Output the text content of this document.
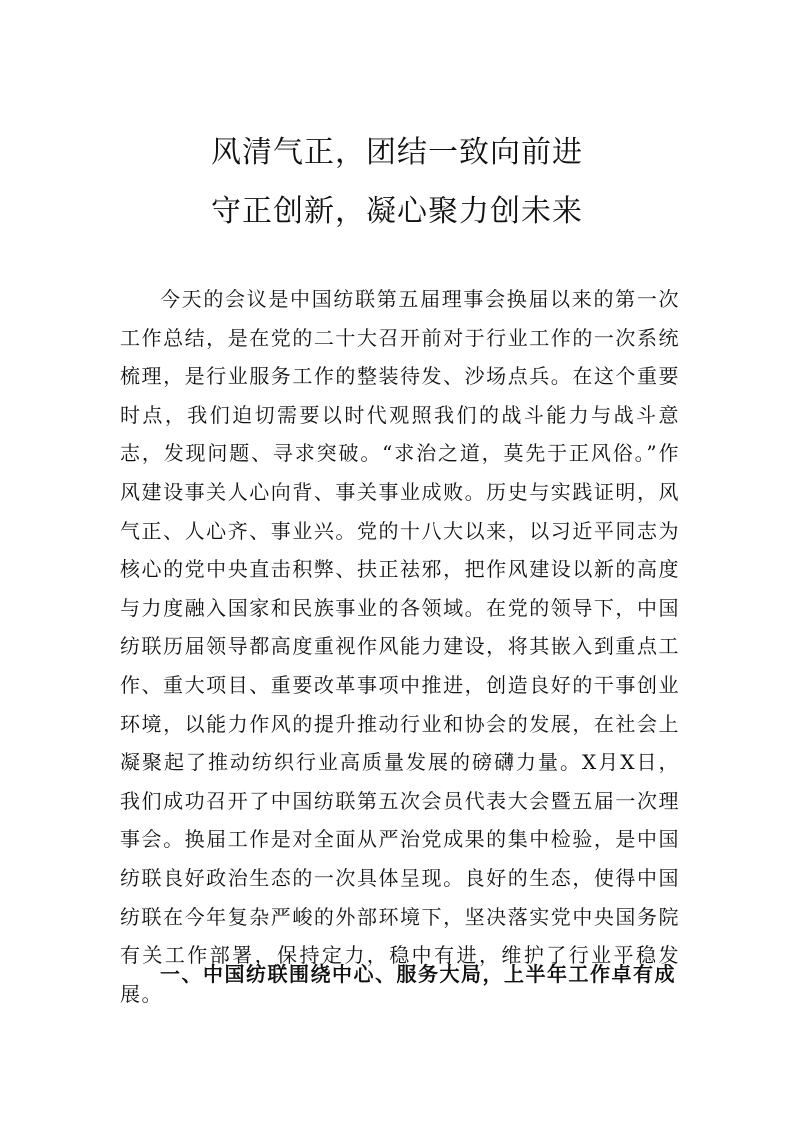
风清气正，团结一致向前进
守正创新，凝心聚力创未来

今天的会议是中国纺联第五届理事会换届以来的第一次工作总结，是在党的二十大召开前对于行业工作的一次系统梳理，是行业服务工作的整装待发、沙场点兵。在这个重要时点，我们迫切需要以时代观照我们的战斗能力与战斗意志，发现问题、寻求突破。“求治之道，莫先于正风俗。”作风建设事关人心向背、事关事业成败。历史与实践证明，风气正、人心齐、事业兴。党的十八大以来，以习近平同志为核心的党中央直击积弊、扶正祛邪，把作风建设以新的高度与力度融入国家和民族事业的各领域。在党的领导下，中国纺联历届领导都高度重视作风能力建设，将其嵌入到重点工作、重大项目、重要改革事项中推进，创造良好的干事创业环境，以能力作风的提升推动行业和协会的发展，在社会上凝聚起了推动纺织行业高质量发展的磅礴力量。X月X日， 我们成功召开了中国纺联第五次会员代表大会暨五届一次理事会。换届工作是对全面从严治党成果的集中检验，是中国纺联良好政治生态的一次具体呈现。良好的生态，使得中国纺联在今年复杂严峻的外部环境下，坚决落实党中央国务院有关工作部署，保持定力，稳中有进，维护了行业平稳发展。

一、中国纺联围绕中心、服务大局，上半年工作卓有成
